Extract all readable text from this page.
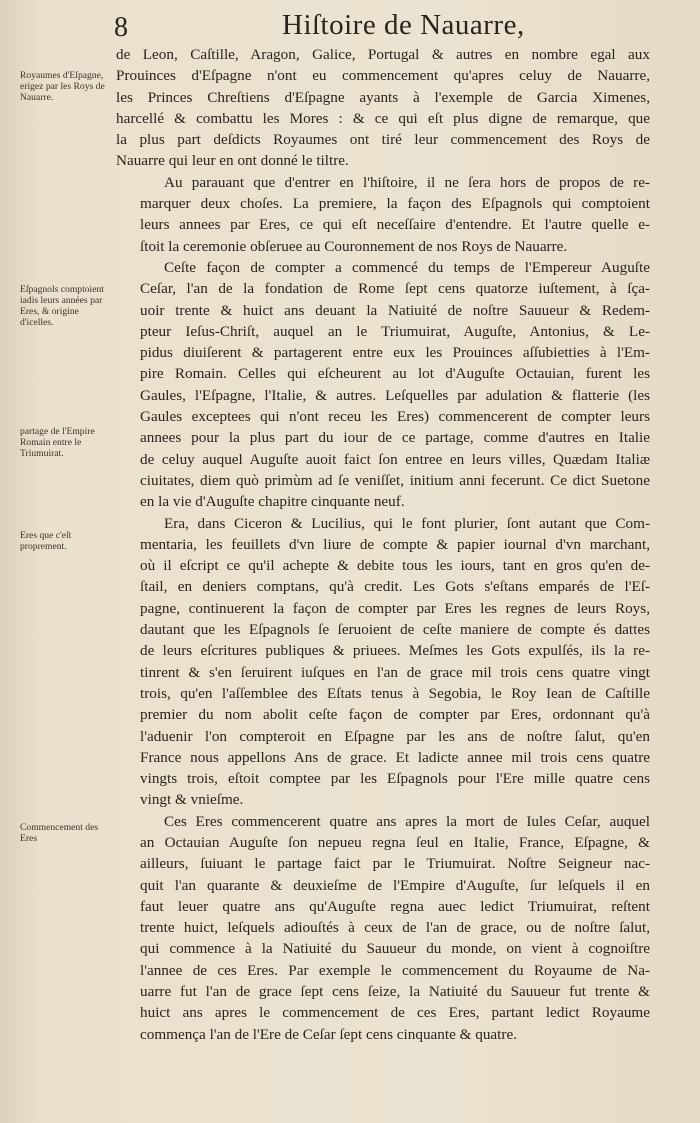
8	Hiſtoire de Nauarre,
Royaumes d'Eſpagne, erigez par les Roys de Nauarre.
Eſpagnols comptoient iadis leurs années par Eres, & origine d'icelles.
partage de l'Empire Romain entre le Triumuirat.
Eres que c'eſt proprement.
Commencement des Eres

de Leon, Caſtille, Aragon, Galice, Portugal & autres en nombre egal aux
Prouinces d'Eſpagne n'ont eu commencement qu'apres celuy de Nauarre,
les Princes Chreſtiens d'Eſpagne ayants à l'exemple de Garcia Ximenes,
harcellé & combattu les Mores : & ce qui eſt plus digne de remarque, que
la plus part deſdicts Royaumes ont tiré leur commencement des Roys de
Nauarre qui leur en ont donné le tiltre.

Au parauant que d'entrer en l'hiſtoire, il ne ſera hors de propos de re-
marquer deux choſes. La premiere, la façon des Eſpagnols qui comptoient
leurs annees par Eres, ce qui eſt neceſſaire d'entendre. Et l'autre quelle e-
ſtoit la ceremonie obſeruee au Couronnement de nos Roys de Nauarre.

Ceſte façon de compter a commencé du temps de l'Empereur Auguſte
Ceſar, l'an de la fondation de Rome ſept cens quatorze iuſtement, à ſça-
uoir trente & huict ans deuant la Natiuité de noſtre Sauueur & Redem-
pteur Ieſus-Chriſt, auquel an le Triumuirat, Auguſte, Antonius, & Le-
pidus diuiſerent & partagerent entre eux les Prouinces aſſubietties à l'Em-
pire Romain. Celles qui eſcheurent au lot d'Auguſte Octauian, furent les
Gaules, l'Eſpagne, l'Italie, & autres. Leſquelles par adulation & flatterie (les
Gaules exceptees qui n'ont receu les Eres) commencerent de compter leurs
annees pour la plus part du iour de ce partage, comme d'autres en Italie
de celuy auquel Auguſte auoit faict ſon entree en leurs villes, Quædam Italiæ
ciuitates, diem quò primùm ad ſe veniſſet, initium anni fecerunt. Ce dict Suetone
en la vie d'Auguſte chapitre cinquante neuf.

Era, dans Ciceron & Lucilius, qui le font plurier, ſont autant que Com-
mentaria, les feuillets d'vn liure de compte & papier iournal d'vn marchant,
où il eſcript ce qu'il achepte & debite tous les iours, tant en gros qu'en de-
ſtail, en deniers comptans, qu'à credit. Les Gots s'eſtans emparés de l'Eſ-
pagne, continuerent la façon de compter par Eres les regnes de leurs Roys,
dautant que les Eſpagnols ſe ſeruoient de ceſte maniere de compte és dattes
de leurs eſcritures publiques & priuees. Meſmes les Gots expulſés, ils la re-
tinrent & s'en ſeruirent iuſques en l'an de grace mil trois cens quatre vingt
trois, qu'en l'aſſemblee des Eſtats tenus à Segobia, le Roy Iean de Caſtille
premier du nom abolit ceſte façon de compter par Eres, ordonnant qu'à
l'aduenir l'on compteroit en Eſpagne par les ans de noſtre ſalut, qu'en
France nous appellons Ans de grace. Et ladicte annee mil trois cens quatre
vingts trois, eſtoit comptee par les Eſpagnols pour l'Ere mille quatre cens
vingt & vnieſme.

Ces Eres commencerent quatre ans apres la mort de Iules Ceſar, auquel
an Octauian Auguſte ſon nepueu regna ſeul en Italie, France, Eſpagne, &
ailleurs, ſuiuant le partage faict par le Triumuirat. Noſtre Seigneur nac-
quit l'an quarante & deuxieſme de l'Empire d'Auguſte, ſur leſquels il en
faut leuer quatre ans qu'Auguſte regna auec ledict Triumuirat, reſtent
trente huict, leſquels adiouſtés à ceux de l'an de grace, ou de noſtre ſalut,
qui commence à la Natiuité du Sauueur du monde, on vient à cognoiſtre
l'annee de ces Eres. Par exemple le commencement du Royaume de Na-
uarre fut l'an de grace ſept cens ſeize, la Natiuité du Sauueur fut trente &
huict ans apres le commencement de ces Eres, partant ledict Royaume
commença l'an de l'Ere de Ceſar ſept cens cinquante & quatre.
